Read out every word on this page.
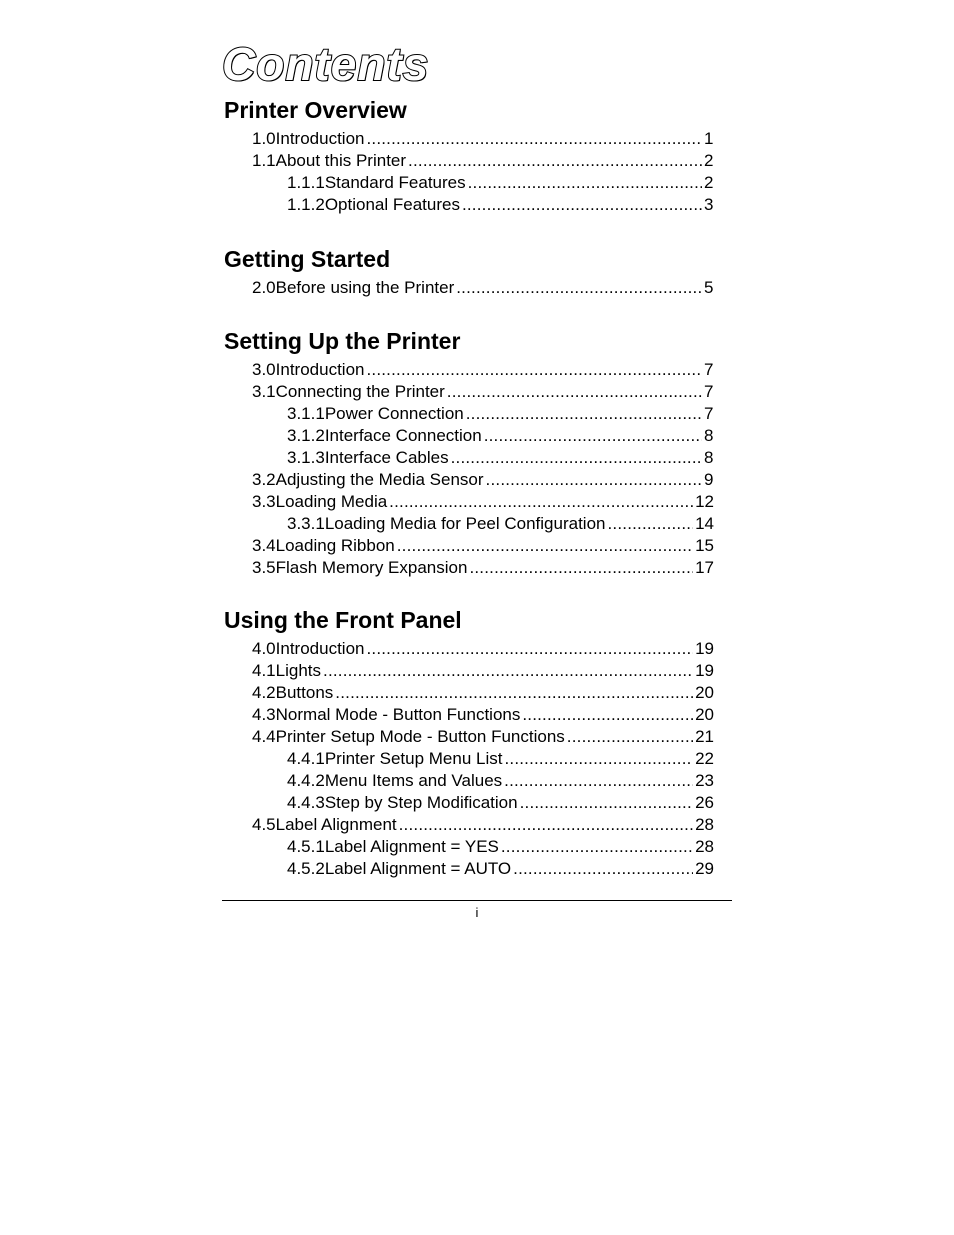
Contents
Printer Overview
1.0 Introduction .....	1
1.1 About this Printer .....	2
1.1.1 Standard Features .....	2
1.1.2 Optional Features .....	3
Getting Started
2.0 Before using the Printer .....	5
Setting Up the Printer
3.0 Introduction .....	7
3.1 Connecting the Printer .....	7
3.1.1 Power Connection .....	7
3.1.2 Interface Connection .....	8
3.1.3 Interface Cables .....	8
3.2 Adjusting the Media Sensor .....	9
3.3 Loading Media .....	12
3.3.1 Loading Media for Peel Configuration .....	14
3.4 Loading Ribbon .....	15
3.5 Flash Memory Expansion .....	17
Using the Front Panel
4.0 Introduction .....	19
4.1 Lights .....	19
4.2 Buttons .....	20
4.3 Normal Mode - Button Functions .....	20
4.4 Printer Setup Mode - Button Functions .....	21
4.4.1 Printer Setup Menu List .....	22
4.4.2 Menu Items and Values .....	23
4.4.3 Step by Step Modification .....	26
4.5 Label Alignment .....	28
4.5.1 Label Alignment = YES .....	28
4.5.2 Label Alignment = AUTO .....	29
i
